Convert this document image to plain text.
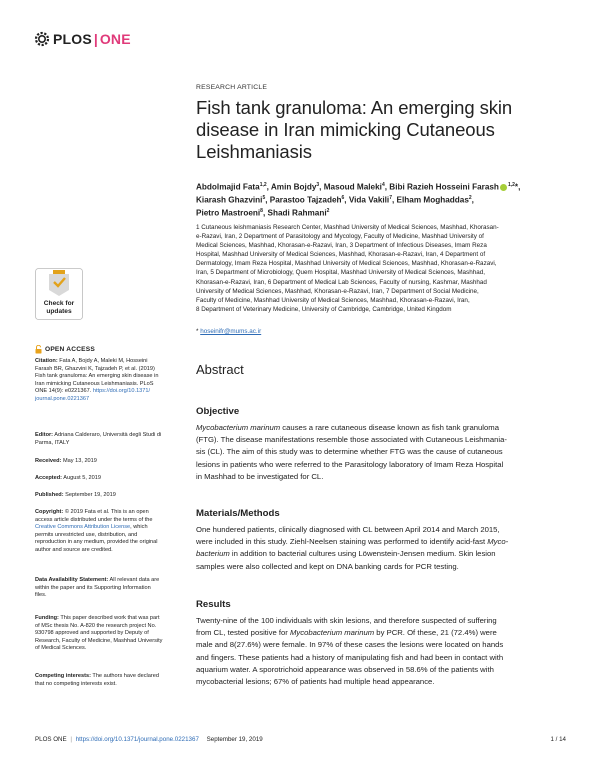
PLOS | ONE
Check for
updates
OPEN ACCESS
Citation: Fata A, Bojdy A, Maleki M, Hosseini
Farash BR, Ghazvini K, Tajzadeh P, et al. (2019)
Fish tank granuloma: An emerging skin disease in
Iran mimicking Cutaneous Leishmaniasis. PLoS
ONE 14(9): e0221367. https://doi.org/10.1371/
journal.pone.0221367
Editor: Adriana Calderaro, Università degli Studi di
Parma, ITALY
Received: May 13, 2019
Accepted: August 5, 2019
Published: September 19, 2019
Copyright: © 2019 Fata et al. This is an open
access article distributed under the terms of the
Creative Commons Attribution License, which
permits unrestricted use, distribution, and
reproduction in any medium, provided the original
author and source are credited.
Data Availability Statement: All relevant data are
within the paper and its Supporting Information
files.
Funding: This paper described work that was part
of MSc thesis No. A-820 the research project No.
930798 approved and supported by Deputy of
Research, Faculty of Medicine, Mashhad University
of Medical Sciences.
Competing interests: The authors have declared
that no competing interests exist.
RESEARCH ARTICLE
Fish tank granuloma: An emerging skin
disease in Iran mimicking Cutaneous
Leishmaniasis
Abdolmajid Fata$^{1,2}$, Amin Bojdy$^3$, Masoud Maleki$^4$, Bibi Razieh Hosseini Farash $^{1,2}$*,
Kiarash Ghazvini$^5$, Parastoo Tajzadeh$^6$, Vida Vakili$^7$, Elham Moghaddas$^2$,
Pietro Mastroeni$^8$, Shadi Rahmani$^2$
1 Cutaneous leishmaniasis Research Center, Mashhad University of Medical Sciences, Mashhad, Khorasan-
e-Razavi, Iran, 2 Department of Parasitology and Mycology, Faculty of Medicine, Mashhad University of
Medical Sciences, Mashhad, Khorasan-e-Razavi, Iran, 3 Department of Infectious Diseases, Imam Reza
Hospital, Mashhad University of Medical Sciences, Mashhad, Khorasan-e-Razavi, Iran, 4 Department of
Dermatology, Imam Reza Hospital, Mashhad University of Medical Sciences, Mashhad, Khorasan-e-Razavi,
Iran, 5 Department of Microbiology, Quem Hospital, Mashhad University of Medical Sciences, Mashhad,
Khorasan-e-Razavi, Iran, 6 Department of Medical Lab Sciences, Faculty of nursing, Kashmar, Mashhad
University of Medical Sciences, Mashhad, Khorasan-e-Razavi, Iran, 7 Department of Social Medicine,
Faculty of Medicine, Mashhad University of Medical Sciences, Mashhad, Khorasan-e-Razavi, Iran,
8 Department of Veterinary Medicine, University of Cambridge, Cambridge, United Kingdom
* hoseinifr@mums.ac.ir
Abstract
Objective
Mycobacterium marinum causes a rare cutaneous disease known as fish tank granuloma
(FTG). The disease manifestations resemble those associated with Cutaneous Leishmania-
sis (CL). The aim of this study was to determine whether FTG was the cause of cutaneous
lesions in patients who were referred to the Parasitology laboratory of Imam Reza Hospital
in Mashhad to be investigated for CL.
Materials/Methods
One hundered patients, clinically diagnosed with CL between April 2014 and March 2015,
were included in this study. Ziehl-Neelsen staining was performed to identify acid-fast Myco-
bacterium in addition to bacterial cultures using Löwenstein-Jensen medium. Skin lesion
samples were also collected and kept on DNA banking cards for PCR testing.
Results
Twenty-nine of the 100 individuals with skin lesions, and therefore suspected of suffering
from CL, tested positive for Mycobacterium marinum by PCR. Of these, 21 (72.4%) were
male and 8(27.6%) were female. In 97% of these cases the lesions were located on hands
and fingers. These patients had a history of manipulating fish and had been in contact with
aquarium water. A sporotrichoid appearance was observed in 58.6% of the patients with
mycobacterial lesions; 67% of patients had multiple head appearance.
PLOS ONE | https://doi.org/10.1371/journal.pone.0221367 September 19, 2019	1 / 14
